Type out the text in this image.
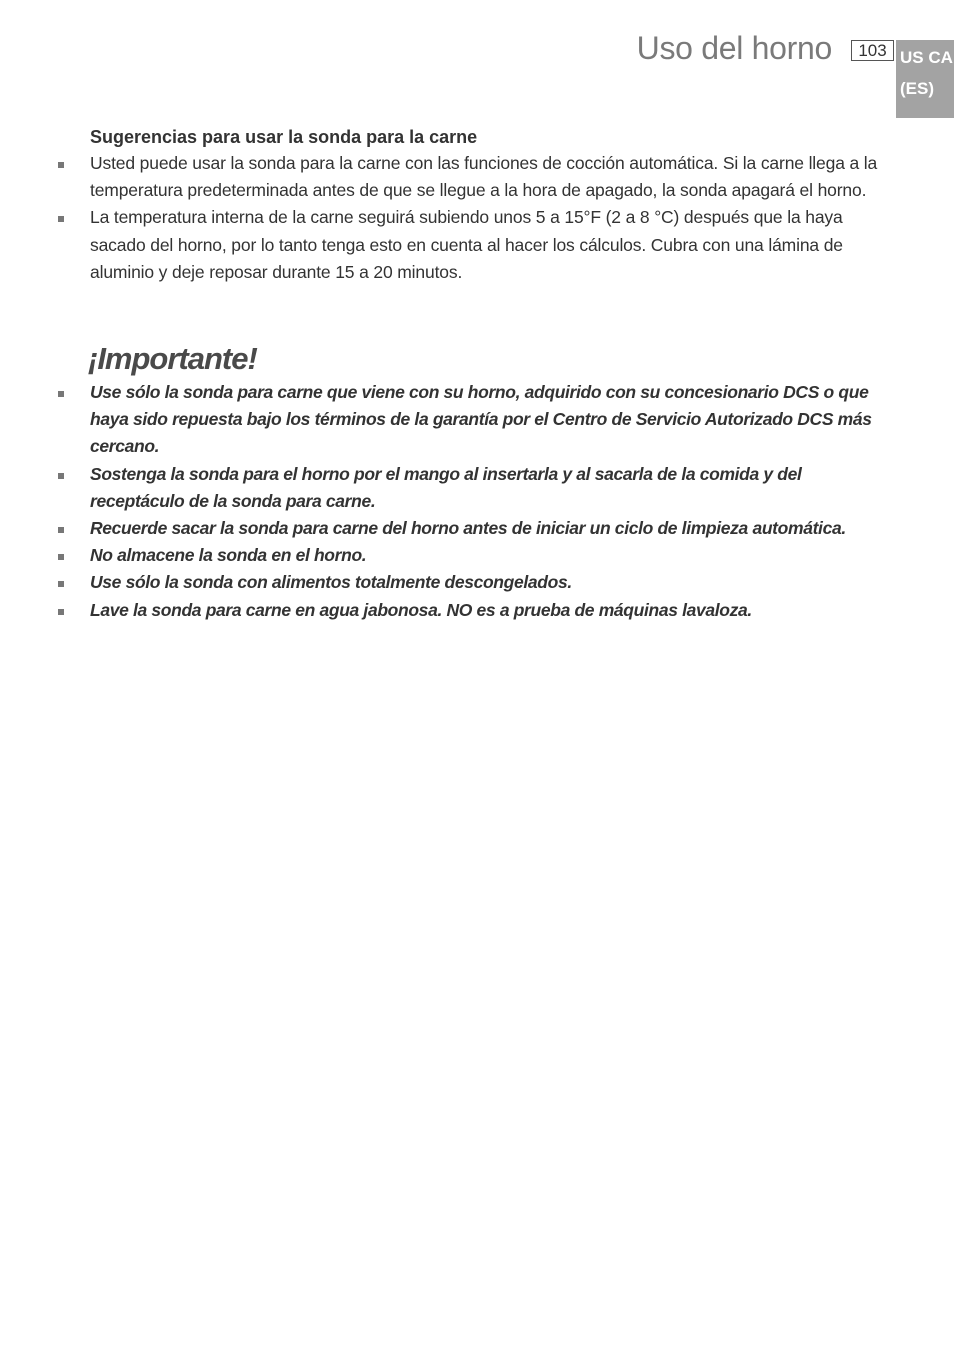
Uso del horno	103 US CA
(ES)
Sugerencias para usar la sonda para la carne
Usted puede usar la sonda para la carne con las funciones de cocción automática. Si la carne llega a la temperatura predeterminada antes de que se llegue a la hora de apagado, la sonda apagará el horno.
La temperatura interna de la carne seguirá subiendo unos 5 a 15°F (2 a 8 °C) después que la haya sacado del horno, por lo tanto tenga esto en cuenta al hacer los cálculos. Cubra con una lámina de aluminio y deje reposar durante 15 a 20 minutos.
¡Importante!
Use sólo la sonda para carne que viene con su horno, adquirido con su concesionario DCS o que haya sido repuesta bajo los términos de la garantía por el Centro de Servicio Autorizado DCS más cercano.
Sostenga la sonda para el horno por el mango al insertarla y al sacarla de la comida y del receptáculo de la sonda para carne.
Recuerde sacar la sonda para carne del horno antes de iniciar un ciclo de limpieza automática.
No almacene la sonda en el horno.
Use sólo la sonda con alimentos totalmente descongelados.
Lave la sonda para carne en agua jabonosa. NO es a prueba de máquinas lavaloza.
